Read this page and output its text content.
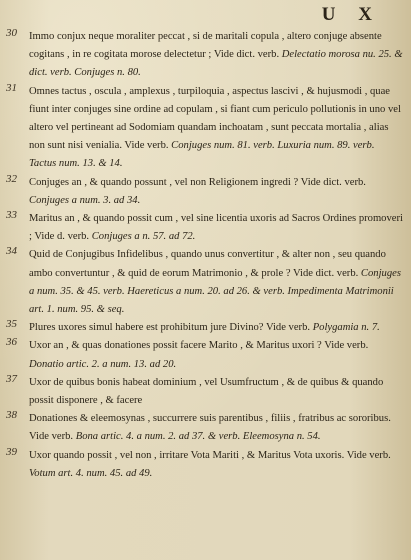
U X

30	Immo conjux neque moraliter peccat , si de maritali copula , altero conjuge absente cogitans , in re cogitata morose delectetur ; Vide dict. verb. Delectatio morosa nu. 25. & dict. verb. Conjuges n. 80.

31	Omnes tactus , oscula , amplexus , turpiloquia , aspectus lascivi , & hujusmodi , quae fiunt inter conjuges sine ordine ad copulam , si fiant cum periculo pollutionis in uno vel altero vel pertineant ad Sodomiam quandam inchoatam , sunt peccata mortalia , alias non sunt nisi venialia. Vide verb. Conjuges num. 81. verb. Luxuria num. 89. verb. Tactus num. 13. & 14.

32	Conjuges an , & quando possunt , vel non Religionem ingredi ? Vide dict. verb. Conjuges a num. 3. ad 34.

33	Maritus an , & quando possit cum , vel sine licentia uxoris ad Sacros Ordines promoveri ; Vide d. verb. Conjuges a n. 57. ad 72.

34	Quid de Conjugibus Infidelibus , quando unus convertitur , & alter non , seu quando ambo convertuntur , & quid de eorum Matrimonio , & prole ? Vide dict. verb. Conjuges a num. 35. & 45. verb. Haereticus a num. 20. ad 26. & verb. Impedimenta Matrimonii art. 1. num. 95. & seq.

35	Plures uxores simul habere est prohibitum jure Divino? Vide verb. Polygamia n. 7.

36	Uxor an , & quas donationes possit facere Marito , & Maritus uxori ? Vide verb. Donatio artic. 2. a num. 13. ad 20.

37	Uxor de quibus bonis habeat dominium , vel Usumfructum , & de quibus & quando possit disponere , & facere

38	Donationes & eleemosynas , succurrere suis parentibus , filiis , fratribus ac sororibus. Vide verb. Bona artic. 4. a num. 2. ad 37. & verb. Eleemosyna n. 54.

39	Uxor quando possit , vel non , irritare Vota Mariti , & Maritus Vota uxoris. Vide verb. Votum art. 4. num. 45. ad 49.
